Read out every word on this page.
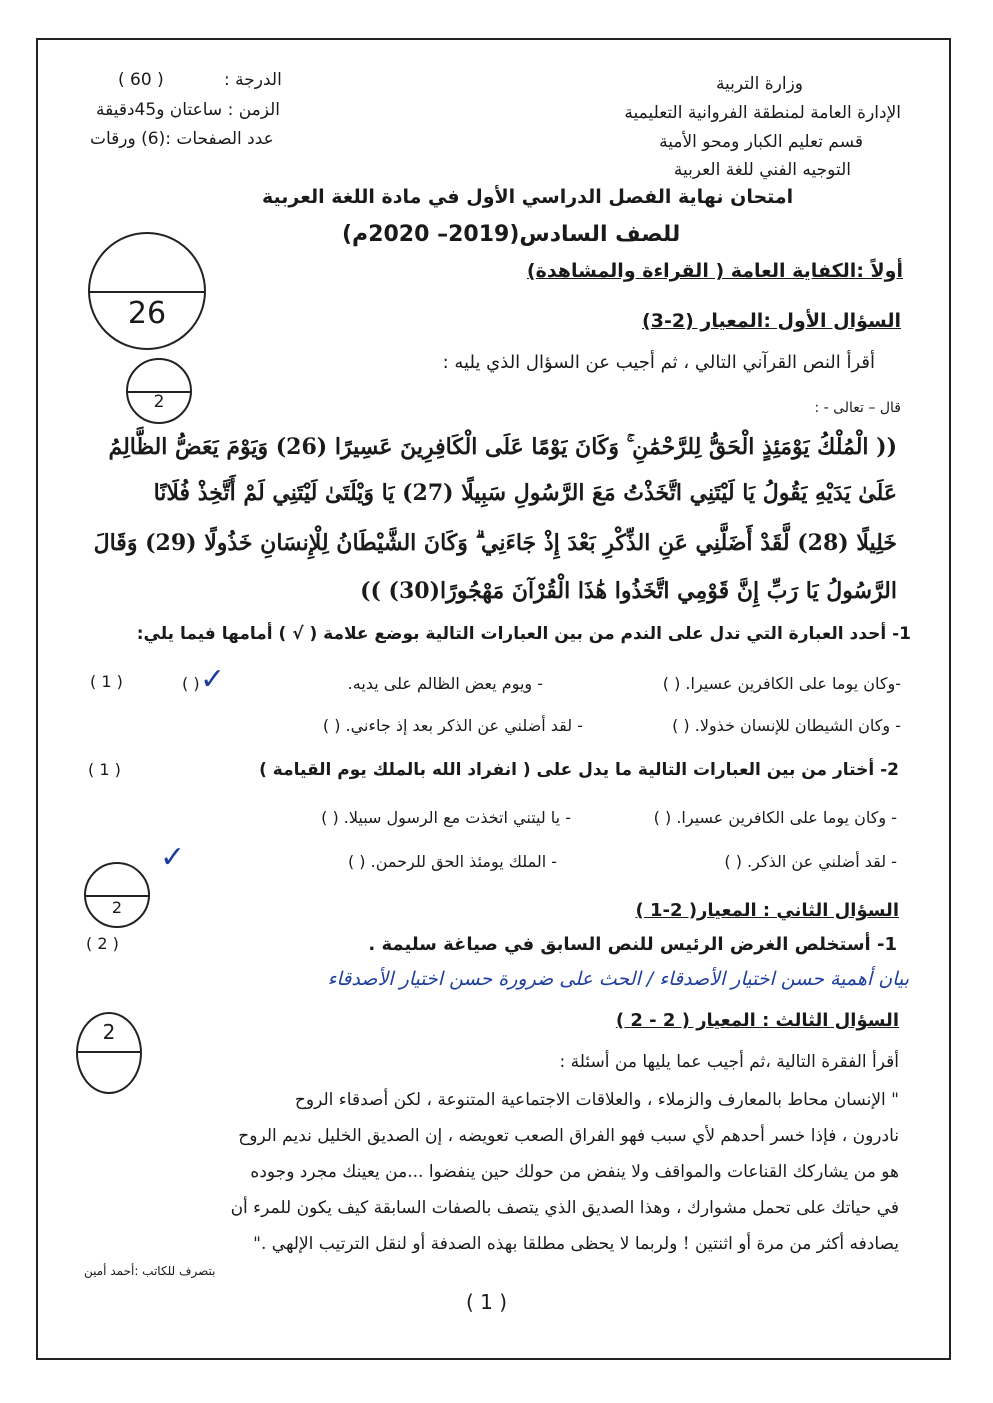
وزارة التربية
الإدارة العامة لمنطقة الفروانية التعليمية
قسم تعليم الكبار ومحو الأمية
التوجيه الفني للغة العربية
الدرجة :
( 60 )
الزمن : ساعتان و45دقيقة
عدد الصفحات :(6) ورقات
امتحان نهاية الفصل الدراسي الأول في مادة اللغة العربية
للصف السادس(2019– 2020م)
26
2
أولاً :الكفاية العامة ( القراءة والمشاهدة)
السؤال الأول :المعيار (2-3)
أقرأ النص القرآني التالي ، ثم أجيب عن السؤال الذي يليه :
قال – تعالى - :
(( الْمُلْكُ يَوْمَئِذٍ الْحَقُّ لِلرَّحْمَٰنِ ۚ وَكَانَ يَوْمًا عَلَى الْكَافِرِينَ عَسِيرًا (26) وَيَوْمَ يَعَضُّ الظَّالِمُ
عَلَىٰ يَدَيْهِ يَقُولُ يَا لَيْتَنِي اتَّخَذْتُ مَعَ الرَّسُولِ سَبِيلًا (27) يَا وَيْلَتَىٰ لَيْتَنِي لَمْ أَتَّخِذْ فُلَانًا
خَلِيلًا (28) لَّقَدْ أَضَلَّنِي عَنِ الذِّكْرِ بَعْدَ إِذْ جَاءَنِي ۗ وَكَانَ الشَّيْطَانُ لِلْإِنسَانِ خَذُولًا (29) وَقَالَ
الرَّسُولُ يَا رَبِّ إِنَّ قَوْمِي اتَّخَذُوا هَٰذَا الْقُرْآنَ مَهْجُورًا(30) ))
1- أحدد العبارة التي تدل على الندم من بين العبارات التالية بوضع علامة ( √ ) أمامها فيما يلي:
( 1 )	-وكان يوما على الكافرين عسيرا. ( )
- ويوم يعض الظالم على يديه.
( ) ✓
- وكان الشيطان للإنسان خذولا. ( )
- لقد أضلني عن الذكر بعد إذ جاءني. ( )
2- أختار من بين العبارات التالية ما يدل على ( انفراد الله بالملك يوم القيامة )
( 1 )
- وكان يوما على الكافرين عسيرا. ( )
- يا ليتني اتخذت مع الرسول سبيلا. ( )
- لقد أضلني عن الذكر. ( )
- الملك يومئذ الحق للرحمن. ( )
✓
2	السؤال الثاني : المعيار( 2-1 )
1- أستخلص الغرض الرئيس للنص السابق في صياغة سليمة .
( 2 )
بيان أهمية حسن اختيار الأصدقاء / الحث على ضرورة حسن اختيار الأصدقاء
2	السؤال الثالث : المعيار ( 2 - 2 )
أقرأ الفقرة التالية ،ثم أجيب عما يليها من أسئلة :
" الإنسان محاط بالمعارف والزملاء ، والعلاقات الاجتماعية المتنوعة ، لكن أصدقاء الروح
نادرون ، فإذا خسر أحدهم لأي سبب فهو الفراق الصعب تعويضه ، إن الصديق الخليل نديم الروح
هو من يشاركك القناعات والمواقف ولا ينفض من حولك حين ينفضوا ...من يعينك مجرد وجوده
في حياتك على تحمل مشوارك ، وهذا الصديق الذي يتصف بالصفات السابقة كيف يكون للمرء أن
يصادفه أكثر من مرة أو اثنتين ! ولربما لا يحظى مطلقا بهذه الصدفة أو لنقل الترتيب الإلهي ."
بتصرف للكاتب :أحمد أمين
( 1 )
